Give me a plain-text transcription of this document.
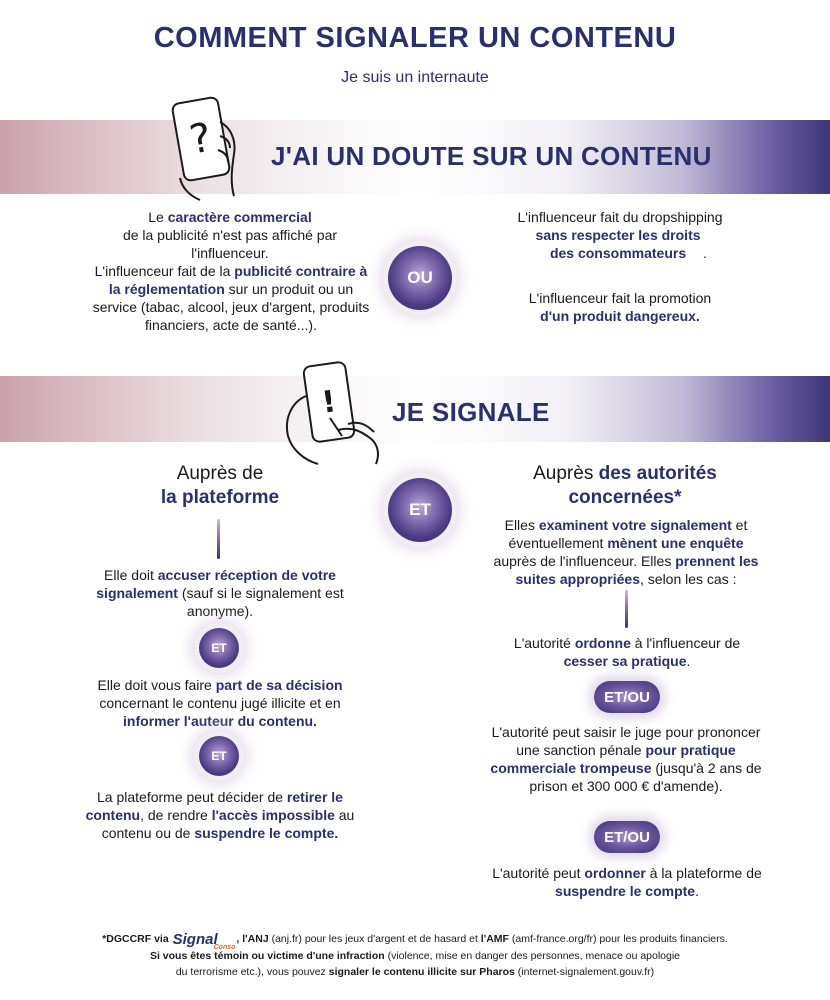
COMMENT SIGNALER UN CONTENU
Je suis un internaute
? J'AI UN DOUTE SUR UN CONTENU
Le caractère commercial
de la publicité n'est pas affiché par l'influenceur.
L'influenceur fait de la publicité contraire à la réglementation sur un produit ou un service (tabac, alcool, jeux d'argent, produits financiers, acte de santé...).
OU
L'influenceur fait du dropshipping
sans respecter les droits des consommateurs .
L'influenceur fait la promotion
d'un produit dangereux.
! JE SIGNALE
Auprès de
la plateforme
Elle doit accuser réception de votre signalement (sauf si le signalement est anonyme).
ET
Elle doit vous faire part de sa décision concernant le contenu jugé illicite et en informer l'auteur du contenu.
ET
La plateforme peut décider de retirer le contenu, de rendre l'accès impossible au contenu ou de suspendre le compte.
ET
Auprès des autorités concernées*
Elles examinent votre signalement et éventuellement mènent une enquête auprès de l'influenceur. Elles prennent les suites appropriées, selon les cas :
L'autorité ordonne à l'influenceur de cesser sa pratique.
ET/OU
L'autorité peut saisir le juge pour prononcer une sanction pénale pour pratique commerciale trompeuse (jusqu'à 2 ans de prison et 300 000 € d'amende).
ET/OU
L'autorité peut ordonner à la plateforme de suspendre le compte.
*DGCCRF via Signal$_{Conso}$, l'ANJ (anj.fr) pour les jeux d'argent et de hasard et l'AMF (amf-france.org/fr) pour les produits financiers.
Si vous êtes témoin ou victime d'une infraction (violence, mise en danger des personnes, menace ou apologie
du terrorisme etc.), vous pouvez signaler le contenu illicite sur Pharos (internet-signalement.gouv.fr)
